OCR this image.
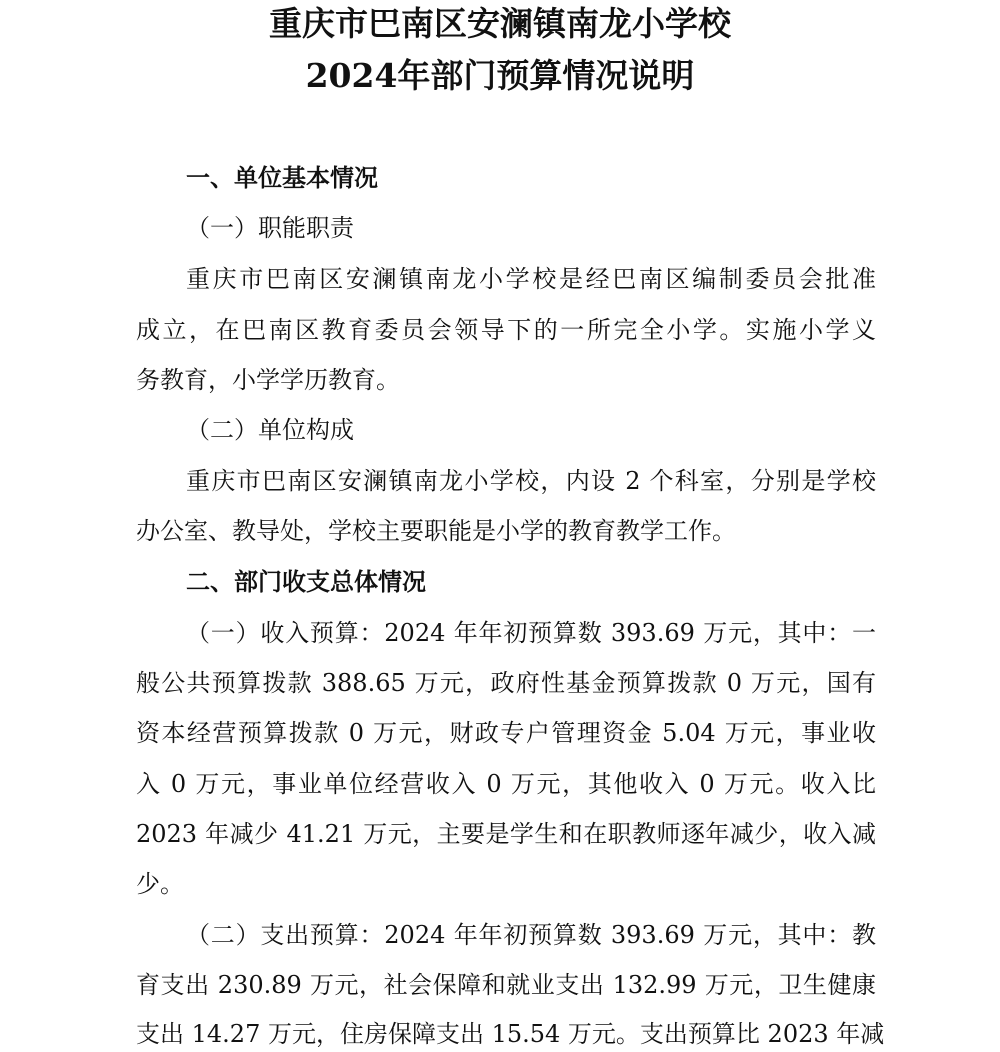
重庆市巴南区安澜镇南龙小学校
2024年部门预算情况说明
一、单位基本情况
（一）职能职责
重庆市巴南区安澜镇南龙小学校是经巴南区编制委员会批准
成立，在巴南区教育委员会领导下的一所完全小学。实施小学义
务教育，小学学历教育。
（二）单位构成
重庆市巴南区安澜镇南龙小学校，内设 2 个科室，分别是学校
办公室、教导处，学校主要职能是小学的教育教学工作。
二、部门收支总体情况
（一）收入预算：2024 年年初预算数 393.69 万元，其中：一
般公共预算拨款 388.65 万元，政府性基金预算拨款 0 万元，国有
资本经营预算拨款 0 万元，财政专户管理资金 5.04 万元，事业收
入 0 万元，事业单位经营收入 0 万元，其他收入 0 万元。收入比
2023 年减少 41.21 万元，主要是学生和在职教师逐年减少，收入减
少。
（二）支出预算：2024 年年初预算数 393.69 万元，其中：教
育支出 230.89 万元，社会保障和就业支出 132.99 万元，卫生健康
支出 14.27 万元，住房保障支出 15.54 万元。支出预算比 2023 年减
